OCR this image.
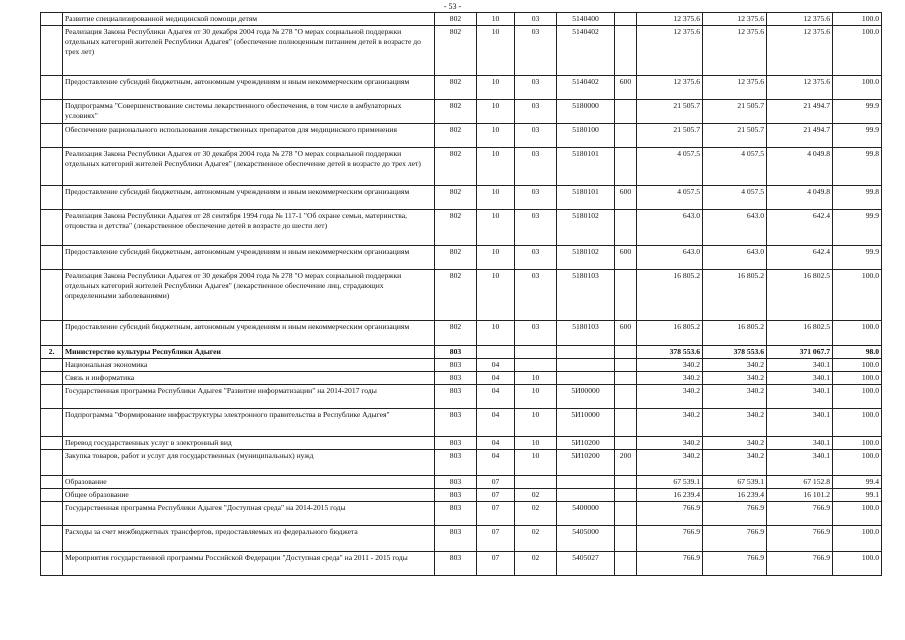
- 53 -
	Развитие специализированной медицинской помощи детям	802	10	03	5140400		12 375.6	12 375.6	12 375.6	100.0
	Реализация Закона Республики Адыгея от 30 декабря 2004 года № 278 "О мерах социальной поддержки отдельных категорий жителей Республики Адыгея" (обеспечение полноценным питанием детей в возрасте до трех лет)	802	10	03	5140402		12 375.6	12 375.6	12 375.6	100.0
	Предоставление субсидий бюджетным, автономным учреждениям и иным некоммерческим организациям	802	10	03	5140402	600	12 375.6	12 375.6	12 375.6	100.0
	Подпрограмма "Совершенствование системы лекарственного обеспечения, в том числе в амбулаторных условиях"	802	10	03	5180000		21 505.7	21 505.7	21 494.7	99.9
	Обеспечение рационального использования лекарственных препаратов для медицинского применения	802	10	03	5180100		21 505.7	21 505.7	21 494.7	99.9
	Реализация Закона Республики Адыгея от 30 декабря 2004 года № 278 "О мерах социальной поддержки отдельных категорий жителей Республики Адыгея" (лекарственное обеспечение детей в возрасте до трех лет)	802	10	03	5180101		4 057.5	4 057.5	4 049.8	99.8
	Предоставление субсидий бюджетным, автономным учреждениям и иным некоммерческим организациям	802	10	03	5180101	600	4 057.5	4 057.5	4 049.8	99.8
	Реализация Закона Республики Адыгея от 28 сентября 1994 года № 117-1 "Об охране семьи, материнства, отцовства и детства" (лекарственное обеспечение детей в возрасте до шести лет)	802	10	03	5180102		643.0	643.0	642.4	99.9
	Предоставление субсидий бюджетным, автономным учреждениям и иным некоммерческим организациям	802	10	03	5180102	600	643.0	643.0	642.4	99.9
	Реализация Закона Республики Адыгея от 30 декабря 2004 года № 278 "О мерах социальной поддержки отдельных категорий жителей Республики Адыгея" (лекарственное обеспечение лиц, страдающих определенными заболеваниями)	802	10	03	5180103		16 805.2	16 805.2	16 802.5	100.0
	Предоставление субсидий бюджетным, автономным учреждениям и иным некоммерческим организациям	802	10	03	5180103	600	16 805.2	16 805.2	16 802.5	100.0
2.	Министерство культуры Республики Адыгеи	803					378 553.6	378 553.6	371 067.7	98.0
	Национальная экономика	803	04				340.2	340.2	340.1	100.0
	Связь и информатика	803	04	10			340.2	340.2	340.1	100.0
	Государственная программа Республики Адыгея "Развитие информатизации" на 2014-2017 годы	803	04	10	5И00000		340.2	340.2	340.1	100.0
	Подпрограмма "Формирование инфраструктуры электронного правительства в Республике Адыгея"	803	04	10	5И10000		340.2	340.2	340.1	100.0
	Перевод государственных услуг в электронный вид	803	04	10	5И10200		340.2	340.2	340.1	100.0
	Закупка товаров, работ и услуг для государственных (муниципальных) нужд	803	04	10	5И10200	200	340.2	340.2	340.1	100.0
	Образование	803	07				67 539.1	67 539.1	67 152.8	99.4
	Общее образование	803	07	02			16 239.4	16 239.4	16 101.2	99.1
	Государственная программа Республики Адыгея "Доступная среда" на 2014-2015 годы	803	07	02	5400000		766.9	766.9	766.9	100.0
	Расходы за счет межбюджетных трансфертов, предоставляемых из федерального бюджета	803	07	02	5405000		766.9	766.9	766.9	100.0
	Мероприятия государственной программы Российской Федерации "Доступная среда" на 2011 - 2015 годы	803	07	02	5405027		766.9	766.9	766.9	100.0
